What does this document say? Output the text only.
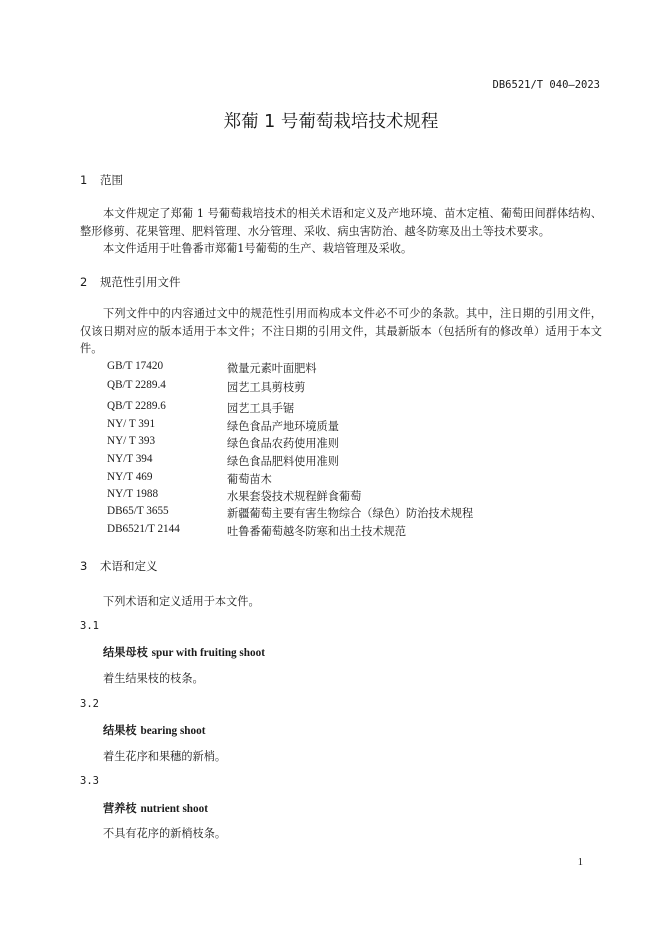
DB6521/T 040—2023
郑葡 1 号葡萄栽培技术规程
1 范围
本文件规定了郑葡 1 号葡萄栽培技术的相关术语和定义及产地环境、苗木定植、葡萄田间群体结构、整形修剪、花果管理、肥料管理、水分管理、采收、病虫害防治、越冬防寒及出土等技术要求。
本文件适用于吐鲁番市郑葡1号葡萄的生产、栽培管理及采收。
2 规范性引用文件
下列文件中的内容通过文中的规范性引用而构成本文件必不可少的条款。其中，注日期的引用文件，仅该日期对应的版本适用于本文件；不注日期的引用文件，其最新版本（包括所有的修改单）适用于本文件。
GB/T 17420	微量元素叶面肥料
QB/T 2289.4	园艺工具剪枝剪
QB/T 2289.6	园艺工具手锯
NY/ T 391	绿色食品产地环境质量
NY/ T 393	绿色食品农药使用准则
NY/T 394	绿色食品肥料使用准则
NY/T 469	葡萄苗木
NY/T 1988	水果套袋技术规程鲜食葡萄
DB65/T 3655	新疆葡萄主要有害生物综合（绿色）防治技术规程
DB6521/T 2144	吐鲁番葡萄越冬防寒和出土技术规范
3 术语和定义
下列术语和定义适用于本文件。
3.1
结果母枝 spur with fruiting shoot
着生结果枝的枝条。
3.2
结果枝 bearing shoot
着生花序和果穗的新梢。
3.3
营养枝 nutrient shoot
不具有花序的新梢枝条。
1
